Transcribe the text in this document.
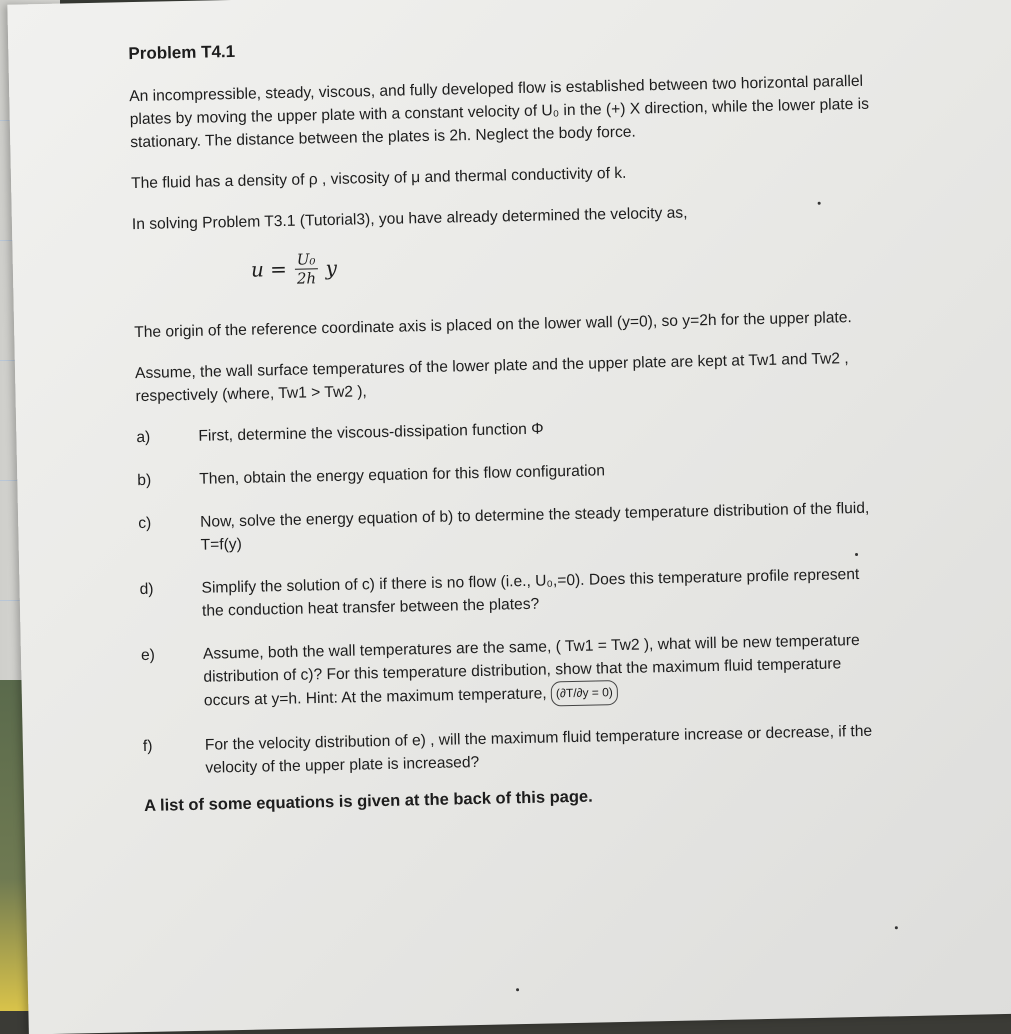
Problem T4.1

An incompressible, steady, viscous, and fully developed flow is established between two horizontal parallel plates by moving the upper plate with a constant velocity of U₀ in the (+) X direction, while the lower plate is stationary. The distance between the plates is 2h. Neglect the body force.

The fluid has a density of ρ , viscosity of μ and thermal conductivity of k.

In solving Problem T3.1 (Tutorial3), you have already determined the velocity as,

$u = \frac{\text{U₀}}{2h}$ y

The origin of the reference coordinate axis is placed on the lower wall (y=0), so y=2h for the upper plate.

Assume, the wall surface temperatures of the lower plate and the upper plate are kept at Tw1 and Tw2 , respectively (where, Tw1 > Tw2 ),

a)	First, determine the viscous-dissipation function Φ
b)	Then, obtain the energy equation for this flow configuration
c)	Now, solve the energy equation of b) to determine the steady temperature distribution of the fluid, T=f(y)
d)	Simplify the solution of c) if there is no flow (i.e., U₀,=0). Does this temperature profile represent the conduction heat transfer between the plates?
e)	Assume, both the wall temperatures are the same, ( Tw1 = Tw2 ), what will be new temperature distribution of c)? For this temperature distribution, show that the maximum fluid temperature occurs at y=h. Hint: At the maximum temperature, (∂T/∂y = 0)
f)	For the velocity distribution of e) , will the maximum fluid temperature increase or decrease, if the velocity of the upper plate is increased?
A list of some equations is given at the back of this page.
